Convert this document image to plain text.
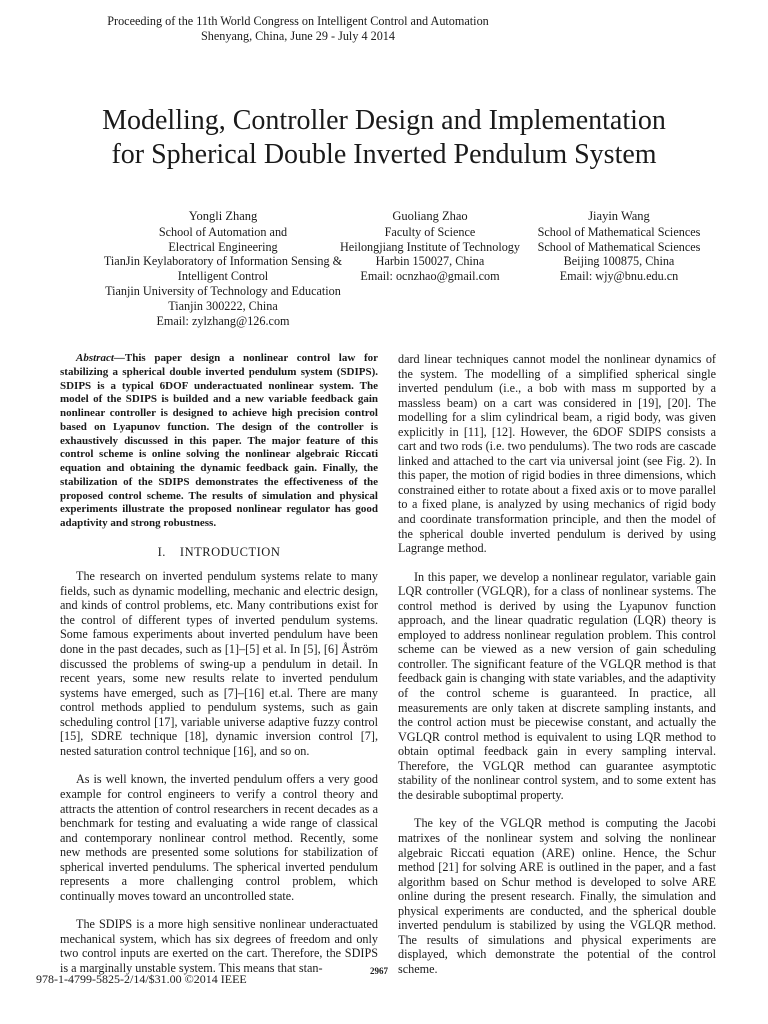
Proceeding of the 11th World Congress on Intelligent Control and Automation
Shenyang, China, June 29 - July 4 2014
Modelling, Controller Design and Implementation
for Spherical Double Inverted Pendulum System
Yongli Zhang
School of Automation and
Electrical Engineering
TianJin Keylaboratory of Information Sensing &
Intelligent Control
Tianjin University of Technology and Education
Tianjin 300222, China
Email: zylzhang@126.com
Guoliang Zhao
Faculty of Science
Heilongjiang Institute of Technology
Harbin 150027, China
Email: ocnzhao@gmail.com
Jiayin Wang
School of Mathematical Sciences
School of Mathematical Sciences
Beijing 100875, China
Email: wjy@bnu.edu.cn

Abstract—This paper design a nonlinear control law for stabilizing a spherical double inverted pendulum system (SDIPS). SDIPS is a typical 6DOF underactuated nonlinear system. The model of the SDIPS is builded and a new variable feedback gain nonlinear controller is designed to achieve high precision control based on Lyapunov function. The design of the controller is exhaustively discussed in this paper. The major feature of this control scheme is online solving the nonlinear algebraic Riccati equation and obtaining the dynamic feedback gain. Finally, the stabilization of the SDIPS demonstrates the effectiveness of the proposed control scheme. The results of simulation and physical experiments illustrate the proposed nonlinear regulator has good adaptivity and strong robustness.

I. INTRODUCTION

The research on inverted pendulum systems relate to many fields, such as dynamic modelling, mechanic and electric design, and kinds of control problems, etc. Many contributions exist for the control of different types of inverted pendulum systems. Some famous experiments about inverted pendulum have been done in the past decades, such as [1]–[5] et al. In [5], [6] Åström discussed the problems of swing-up a pendulum in detail. In recent years, some new results relate to inverted pendulum systems have emerged, such as [7]–[16] et.al. There are many control methods applied to pendulum systems, such as gain scheduling control [17], variable universe adaptive fuzzy control [15], SDRE technique [18], dynamic inversion control [7], nested saturation control technique [16], and so on.

As is well known, the inverted pendulum offers a very good example for control engineers to verify a control theory and attracts the attention of control researchers in recent decades as a benchmark for testing and evaluating a wide range of classical and contemporary nonlinear control method. Recently, some new methods are presented some solutions for stabilization of spherical inverted pendulums. The spherical inverted pendulum represents a more challenging control problem, which continually moves toward an uncontrolled state.

The SDIPS is a more high sensitive nonlinear underactuated mechanical system, which has six degrees of freedom and only two control inputs are exerted on the cart. Therefore, the SDIPS is a marginally unstable system. This means that stan-

dard linear techniques cannot model the nonlinear dynamics of the system. The modelling of a simplified spherical single inverted pendulum (i.e., a bob with mass m supported by a massless beam) on a cart was considered in [19], [20]. The modelling for a slim cylindrical beam, a rigid body, was given explicitly in [11], [12]. However, the 6DOF SDIPS consists a cart and two rods (i.e. two pendulums). The two rods are cascade linked and attached to the cart via universal joint (see Fig. 2). In this paper, the motion of rigid bodies in three dimensions, which constrained either to rotate about a fixed axis or to move parallel to a fixed plane, is analyzed by using mechanics of rigid body and coordinate transformation principle, and then the model of the spherical double inverted pendulum is derived by using Lagrange method.

In this paper, we develop a nonlinear regulator, variable gain LQR controller (VGLQR), for a class of nonlinear systems. The control method is derived by using the Lyapunov function approach, and the linear quadratic regulation (LQR) theory is employed to address nonlinear regulation problem. This control scheme can be viewed as a new version of gain scheduling controller. The significant feature of the VGLQR method is that feedback gain is changing with state variables, and the adaptivity of the control scheme is guaranteed. In practice, all measurements are only taken at discrete sampling instants, and the control action must be piecewise constant, and actually the VGLQR control method is equivalent to using LQR method to obtain optimal feedback gain in every sampling interval. Therefore, the VGLQR method can guarantee asymptotic stability of the nonlinear control system, and to some extent has the desirable suboptimal property.

The key of the VGLQR method is computing the Jacobi matrixes of the nonlinear system and solving the nonlinear algebraic Riccati equation (ARE) online. Hence, the Schur method [21] for solving ARE is outlined in the paper, and a fast algorithm based on Schur method is developed to solve ARE online during the present research. Finally, the simulation and physical experiments are conducted, and the spherical double inverted pendulum is stabilized by using the VGLQR method. The results of simulations and physical experiments are displayed, which demonstrate the potential of the control scheme.

978-1-4799-5825-2/14/$31.00 ©2014 IEEE
2967
